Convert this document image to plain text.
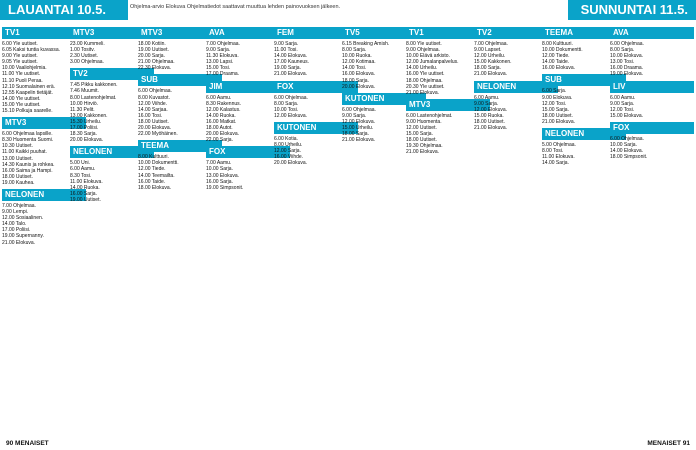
LAUANTAI 10.5.	Ohjelma-arvio Elokuva Ohjelmatiedot saattavat muuttua lehden painovuoksen jälkeen.	SUNNUNTAI 11.5.
TV1
6.00 Yle uutiset.
6.05 Kaksi tuntia kuvassa.
9.00 Yle uutiset.
9.05 Yle uutiset.
10.00 Vaaliohjelmia.
11.00 Yle uutiset.
11.10 Puoli Peraa.
12.10 Suomalainen erä.
12.55 Kaapelin tietäjät.
14.00 Yle uutiset.
15.00 Yle uutiset.
15.10 Polkuja saarelle.
MTV3
6.00 Ohjelmaa lapsille.
8.30 Huomenta Suomi.
10.30 Uutiset.
11.00 Kaikki puuhat.
13.00 Uutiset.
14.30 Kaunis ja rohkea.
16.00 Saima ja Hampi.
18.00 Uutiset.
19.00 Kauhea.
NELONEN
7.00 Ohjelmaa.
9.00 Lempi.
12.00 Sosiaalinen.
14.00 Talo.
17.00 Poliisi.
19.00 Supernanny.
21.00 Elokuva.
MTV3
23.00 Kummeli.
1.00 Tositv.
2.30 Uutiset.
3.00 Ohjelmaa.
TV2
7.45 Pikku kakkonen.
7.46 Muumit.
8.00 Lastenohjelmat.
10.00 Hirviö.
11.30 Pelit.
13.00 Kakkonen.
15.30 Urheilu.
17.00 Poliisi.
18.30 Sarja.
20.00 Elokuva.
NELONEN
5.00 Uni.
6.00 Aamu.
8.30 Tosi.
11.00 Elokuva.
14.00 Ruoka.
16.00 Sarja.
19.00 Uutiset.
MTV3
18.00 Kotiin.
19.00 Uutiset.
20.00 Sarja.
21.00 Ohjelmaa.
22.30 Elokuva.
SUB
6.00 Ohjelmaa.
8.00 Kuvastot.
12.00 Viihde.
14.00 Sarjaa.
16.00 Tosi.
18.00 Uutiset.
20.00 Elokuva.
22.00 Myöhäinen.
TEEMA
8.00 Kulttuuri.
10.00 Dokumentti.
12.00 Tiede.
14.00 Teemailta.
16.00 Taide.
18.00 Elokuva.
AVA
7.00 Ohjelmaa.
9.00 Sarja.
11.30 Elokuva.
13.00 Lapsi.
15.00 Tosi.
17.00 Draama.
JIM
6.00 Aamu.
8.30 Rakennus.
12.00 Kalastus.
14.00 Ruoka.
16.00 Matkat.
18.00 Autot.
20.00 Elokuva.
22.00 Sarja.
FOX
7.00 Aamu.
10.00 Sarja.
13.00 Elokuva.
16.00 Sarja.
19.00 Simpsonit.
FEM
9.00 Sarja.
11.00 Tosi.
14.00 Elokuva.
17.00 Kauneus.
19.00 Sarja.
21.00 Elokuva.
FOX
6.00 Ohjelmaa.
8.00 Sarja.
10.00 Tosi.
12.00 Elokuva.
KUTONEN
6.00 Kotia.
8.00 Urheilu.
12.00 Sarja.
16.00 Viihde.
20.00 Elokuva.
TV5
6.15 Breaking Amish.
8.00 Sarja.
10.00 Ruoka.
12.00 Kotimaa.
14.00 Tosi.
16.00 Elokuva.
18.00 Sarja.
20.00 Elokuva.
KUTONEN
6.00 Ohjelmaa.
9.00 Sarja.
12.00 Elokuva.
15.00 Urheilu.
18.00 Sarja.
21.00 Elokuva.
TV1
8.00 Yle uutiset.
9.00 Ohjelmaa.
10.00 Elävä arkisto.
12.00 Jumalanpalvelus.
14.00 Urheilu.
16.00 Yle uutiset.
18.00 Ohjelmaa.
20.30 Yle uutiset.
21.00 Elokuva.
MTV3
6.00 Lastenohjelmat.
9.00 Huomenta.
12.00 Uutiset.
15.00 Sarja.
18.00 Uutiset.
19.30 Ohjelmaa.
21.00 Elokuva.
TV2
7.00 Ohjelmaa.
9.00 Lapset.
12.00 Urheilu.
15.00 Kakkonen.
18.00 Sarja.
21.00 Elokuva.
NELONEN
6.00 Aamu.
9.00 Sarja.
12.00 Elokuva.
15.00 Ruoka.
18.00 Uutiset.
21.00 Elokuva.
TEEMA
8.00 Kulttuuri.
10.00 Dokumentti.
12.00 Tiede.
14.00 Taide.
16.00 Elokuva.
SUB
6.00 Sarja.
9.00 Elokuva.
12.00 Tosi.
15.00 Sarja.
18.00 Uutiset.
21.00 Elokuva.
NELONEN
5.00 Ohjelmaa.
8.00 Tosi.
11.00 Elokuva.
14.00 Sarja.
AVA
6.00 Ohjelmaa.
8.00 Sarja.
10.00 Elokuva.
13.00 Tosi.
16.00 Draama.
19.00 Elokuva.
LIV
6.00 Aamu.
9.00 Sarja.
12.00 Tosi.
15.00 Elokuva.
FOX
6.00 Ohjelmaa.
10.00 Sarja.
14.00 Elokuva.
18.00 Simpsonit.
90 MENAISET	MENAISET 91
